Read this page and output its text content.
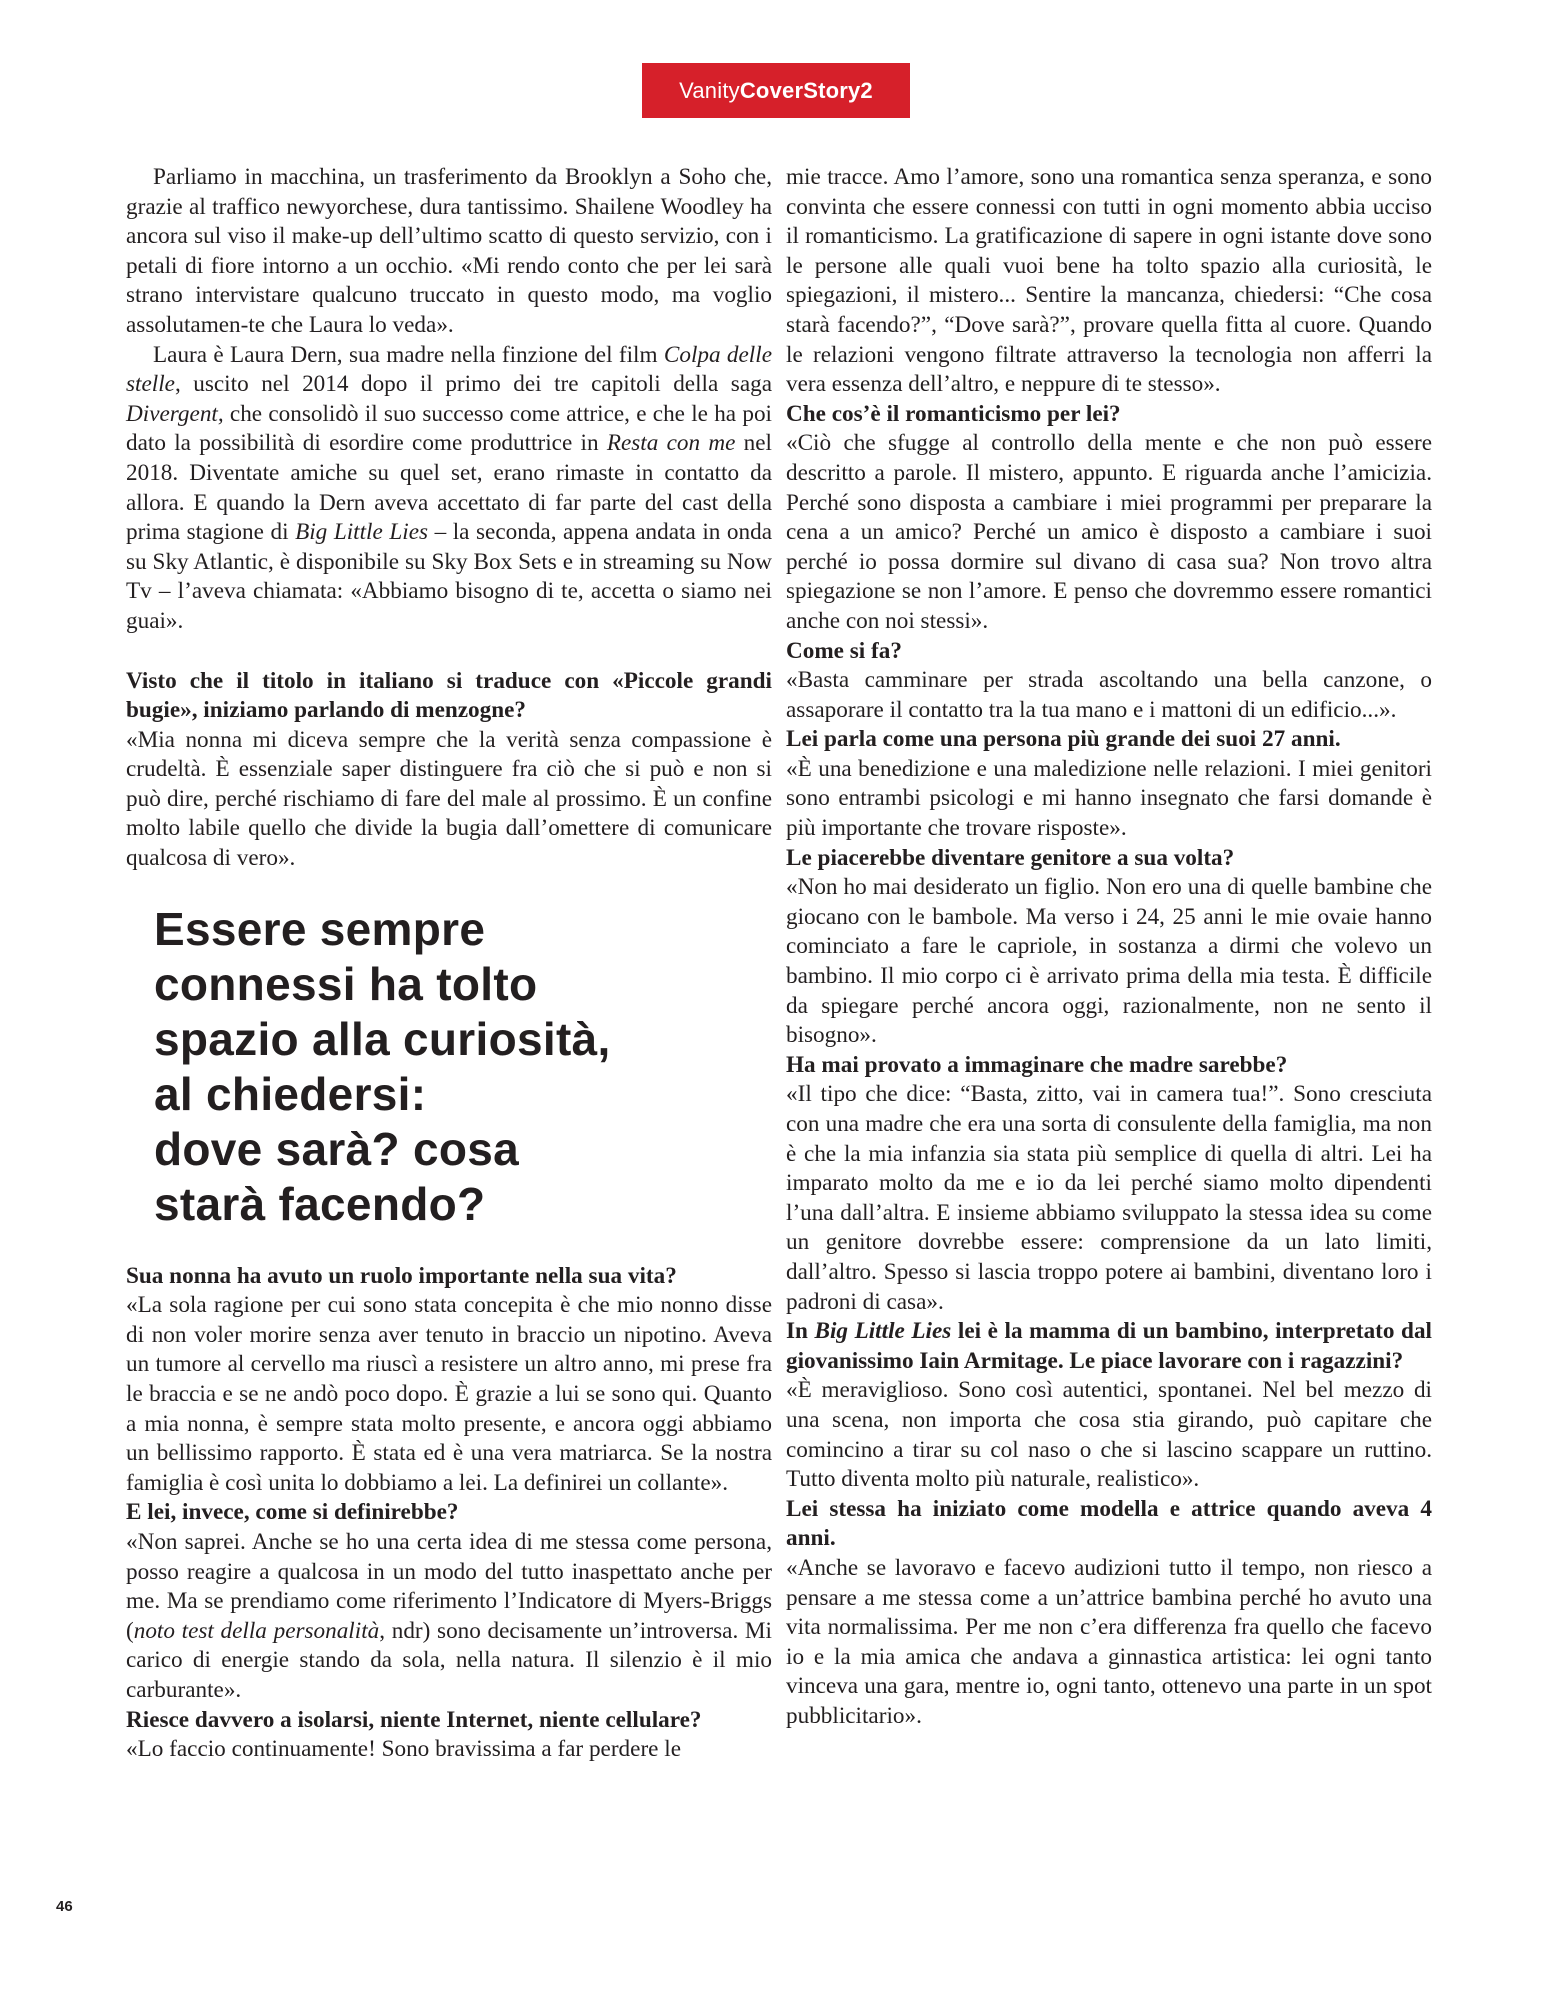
Vanity CoverStory2

Parliamo in macchina, un trasferimento da Brooklyn a Soho che, grazie al traffico newyorchese, dura tantissimo. Shailene Woodley ha ancora sul viso il make-up dell’ultimo scatto di questo servizio, con i petali di fiore intorno a un occhio. «Mi rendo conto che per lei sarà strano intervistare qualcuno truccato in questo modo, ma voglio assolutamen-te che Laura lo veda».

Laura è Laura Dern, sua madre nella finzione del film Colpa delle stelle, uscito nel 2014 dopo il primo dei tre capitoli della saga Divergent, che consolidò il suo successo come attrice, e che le ha poi dato la possibilità di esordire come produttrice in Resta con me nel 2018. Diventate amiche su quel set, erano rimaste in contatto da allora. E quando la Dern aveva accettato di far parte del cast della prima stagione di Big Little Lies – la seconda, appena andata in onda su Sky Atlantic, è disponibile su Sky Box Sets e in streaming su Now Tv – l’aveva chiamata: «Abbiamo bisogno di te, accetta o siamo nei guai».

Visto che il titolo in italiano si traduce con «Piccole grandi bugie», iniziamo parlando di menzogne?

«Mia nonna mi diceva sempre che la verità senza compassione è crudeltà. È essenziale saper distinguere fra ciò che si può e non si può dire, perché rischiamo di fare del male al prossimo. È un confine molto labile quello che divide la bugia dall’omettere di comunicare qualcosa di vero».

Essere sempre
connessi ha tolto
spazio alla curiosità,
al chiedersi:
dove sarà? cosa
starà facendo?

Sua nonna ha avuto un ruolo importante nella sua vita?

«La sola ragione per cui sono stata concepita è che mio nonno disse di non voler morire senza aver tenuto in braccio un nipotino. Aveva un tumore al cervello ma riuscì a resistere un altro anno, mi prese fra le braccia e se ne andò poco dopo. È grazie a lui se sono qui. Quanto a mia nonna, è sempre stata molto presente, e ancora oggi abbiamo un bellissimo rapporto. È stata ed è una vera matriarca. Se la nostra famiglia è così unita lo dobbiamo a lei. La definirei un collante».

E lei, invece, come si definirebbe?

«Non saprei. Anche se ho una certa idea di me stessa come persona, posso reagire a qualcosa in un modo del tutto inaspettato anche per me. Ma se prendiamo come riferimento l’Indicatore di Myers-Briggs (noto test della personalità, ndr) sono decisamente un’introversa. Mi carico di energie stando da sola, nella natura. Il silenzio è il mio carburante».

Riesce davvero a isolarsi, niente Internet, niente cellulare?

«Lo faccio continuamente! Sono bravissima a far perdere le

mie tracce. Amo l’amore, sono una romantica senza speranza, e sono convinta che essere connessi con tutti in ogni momento abbia ucciso il romanticismo. La gratificazione di sapere in ogni istante dove sono le persone alle quali vuoi bene ha tolto spazio alla curiosità, le spiegazioni, il mistero... Sentire la mancanza, chiedersi: “Che cosa starà facendo?”, “Dove sarà?”, provare quella fitta al cuore. Quando le relazioni vengono filtrate attraverso la tecnologia non afferri la vera essenza dell’altro, e neppure di te stesso».

Che cos’è il romanticismo per lei?

«Ciò che sfugge al controllo della mente e che non può essere descritto a parole. Il mistero, appunto. E riguarda anche l’amicizia. Perché sono disposta a cambiare i miei programmi per preparare la cena a un amico? Perché un amico è disposto a cambiare i suoi perché io possa dormire sul divano di casa sua? Non trovo altra spiegazione se non l’amore. E penso che dovremmo essere romantici anche con noi stessi».

Come si fa?

«Basta camminare per strada ascoltando una bella canzone, o assaporare il contatto tra la tua mano e i mattoni di un edificio...».

Lei parla come una persona più grande dei suoi 27 anni.

«È una benedizione e una maledizione nelle relazioni. I miei genitori sono entrambi psicologi e mi hanno insegnato che farsi domande è più importante che trovare risposte».

Le piacerebbe diventare genitore a sua volta?

«Non ho mai desiderato un figlio. Non ero una di quelle bambine che giocano con le bambole. Ma verso i 24, 25 anni le mie ovaie hanno cominciato a fare le capriole, in sostanza a dirmi che volevo un bambino. Il mio corpo ci è arrivato prima della mia testa. È difficile da spiegare perché ancora oggi, razionalmente, non ne sento il bisogno».

Ha mai provato a immaginare che madre sarebbe?

«Il tipo che dice: “Basta, zitto, vai in camera tua!”. Sono cresciuta con una madre che era una sorta di consulente della famiglia, ma non è che la mia infanzia sia stata più semplice di quella di altri. Lei ha imparato molto da me e io da lei perché siamo molto dipendenti l’una dall’altra. E insieme abbiamo sviluppato la stessa idea su come un genitore dovrebbe essere: comprensione da un lato limiti, dall’altro. Spesso si lascia troppo potere ai bambini, diventano loro i padroni di casa».

In Big Little Lies lei è la mamma di un bambino, interpretato dal giovanissimo Iain Armitage. Le piace lavorare con i ragazzini?

«È meraviglioso. Sono così autentici, spontanei. Nel bel mezzo di una scena, non importa che cosa stia girando, può capitare che comincino a tirar su col naso o che si lascino scappare un ruttino. Tutto diventa molto più naturale, realistico».

Lei stessa ha iniziato come modella e attrice quando aveva 4 anni.

«Anche se lavoravo e facevo audizioni tutto il tempo, non riesco a pensare a me stessa come a un’attrice bambina perché ho avuto una vita normalissima. Per me non c’era differenza fra quello che facevo io e la mia amica che andava a ginnastica artistica: lei ogni tanto vinceva una gara, mentre io, ogni tanto, ottenevo una parte in un spot pubblicitario».

46
